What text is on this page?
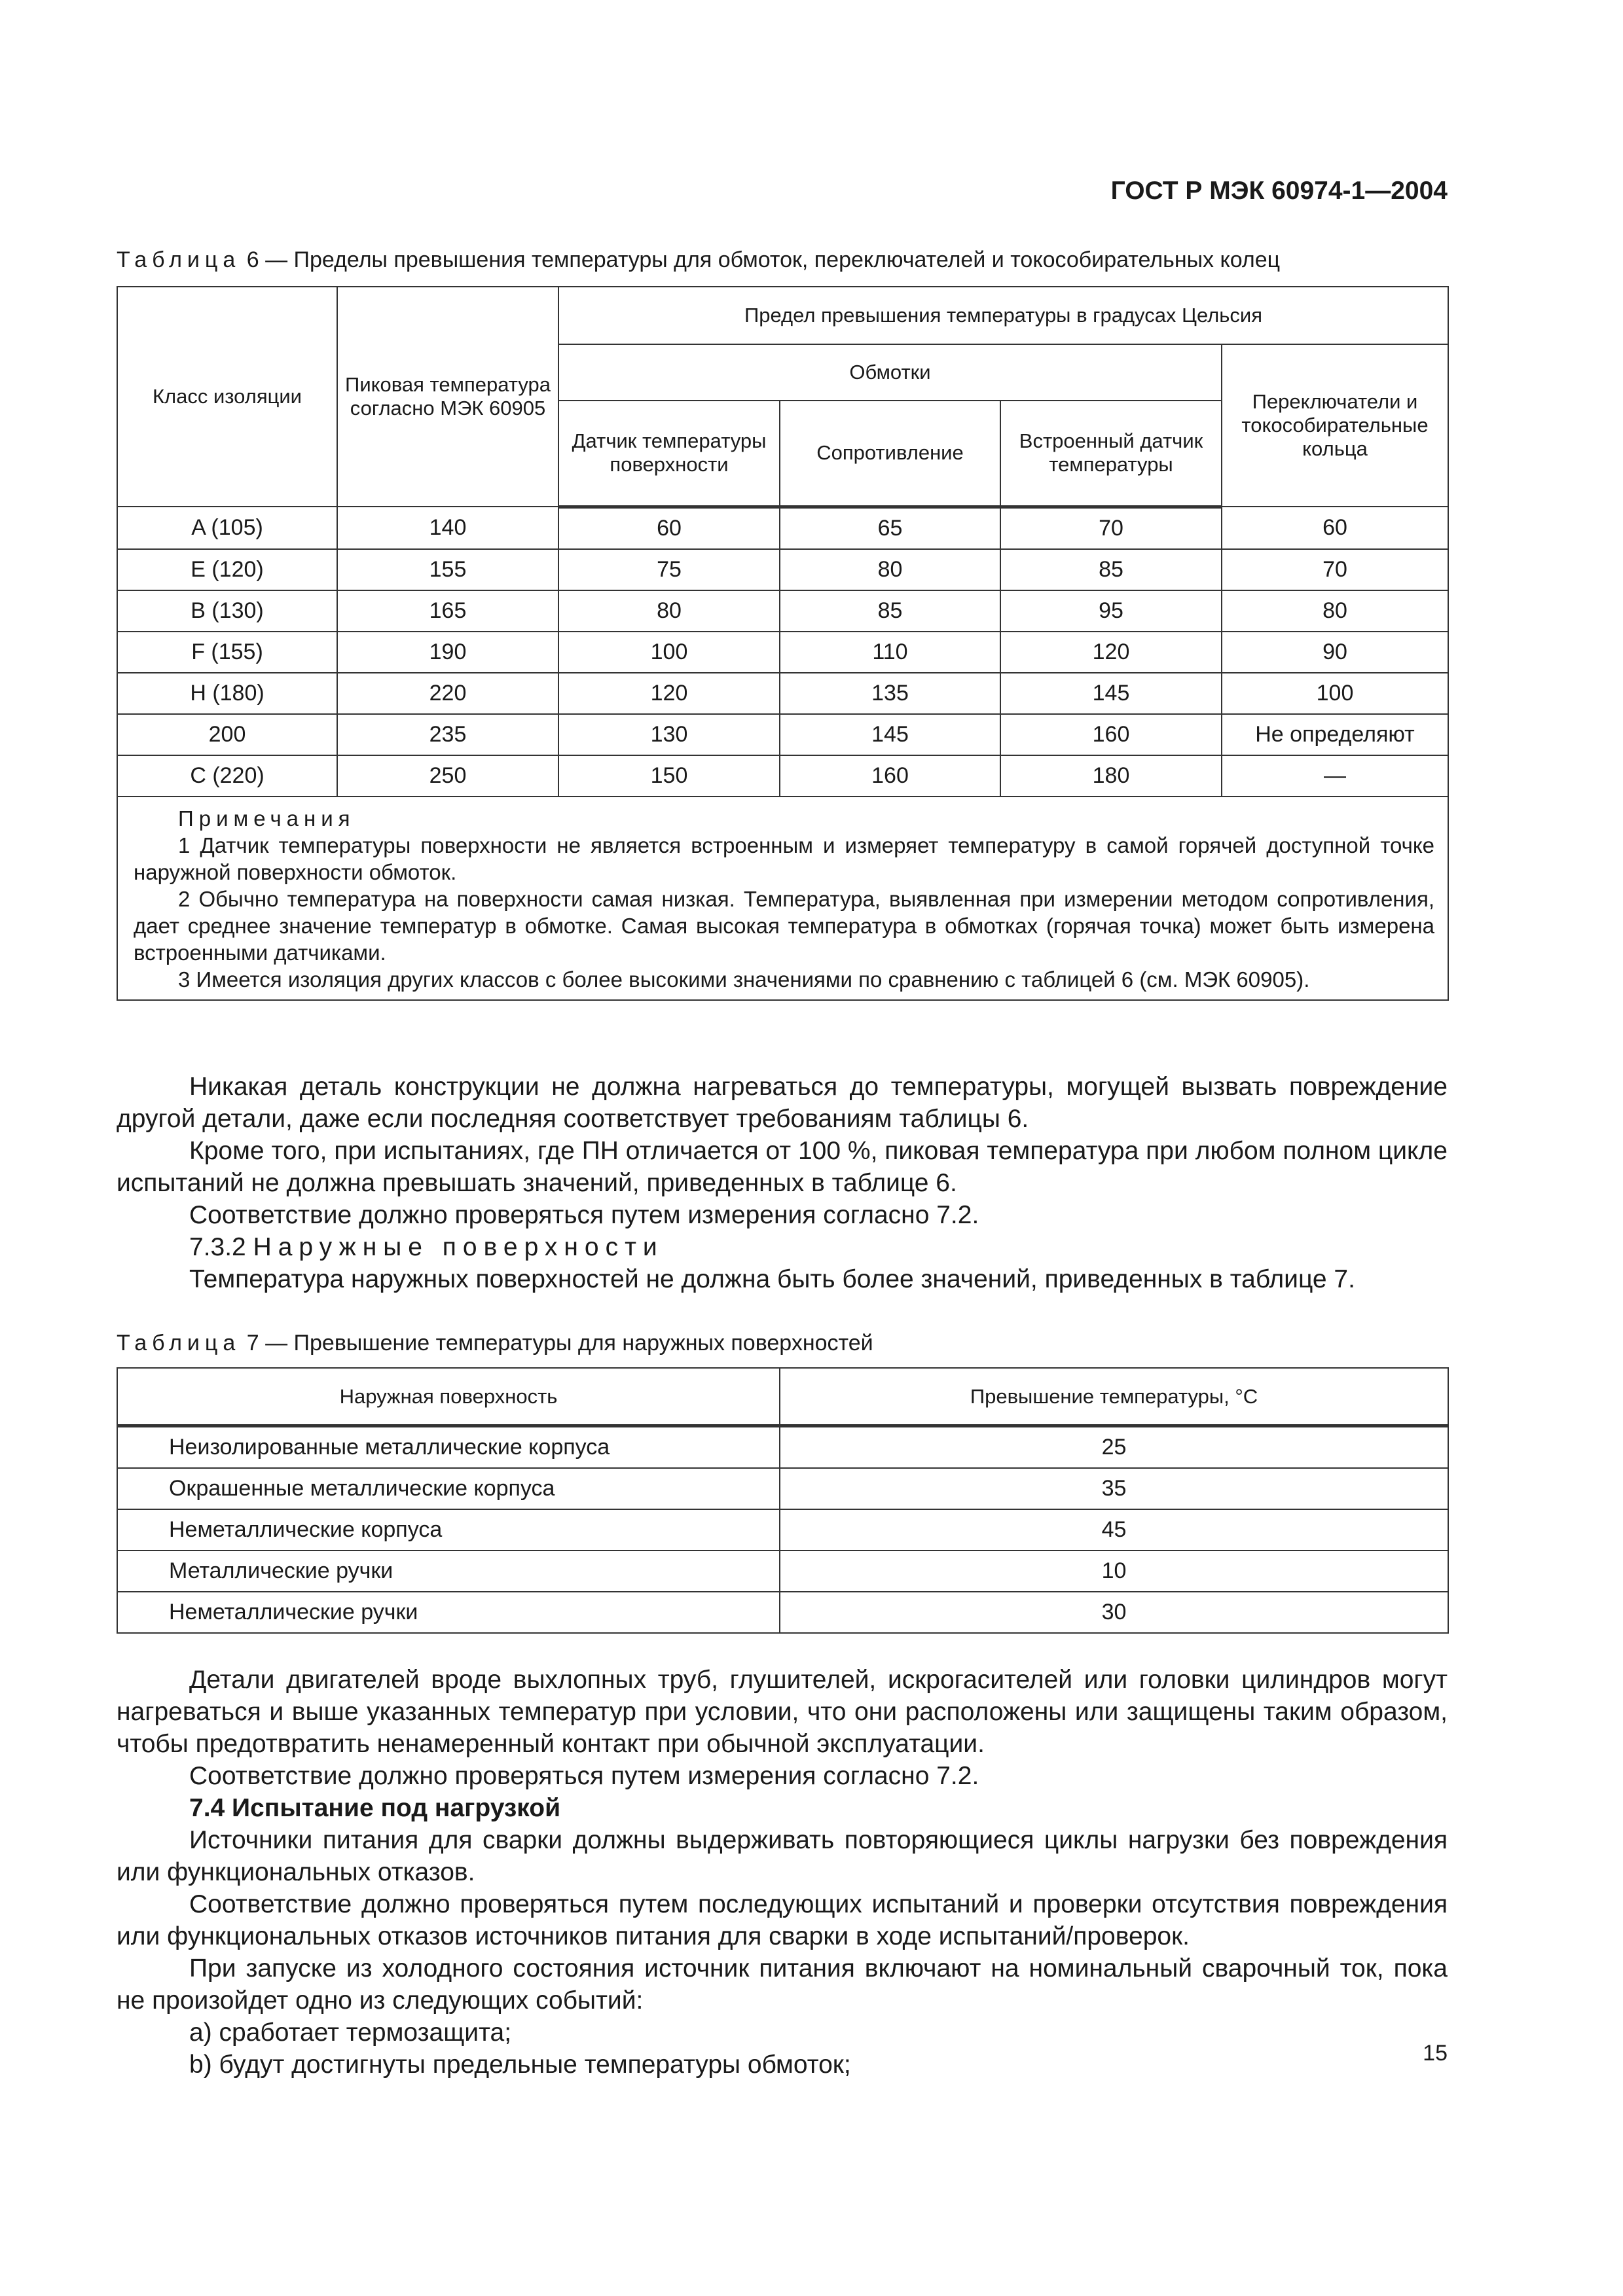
ГОСТ Р МЭК 60974-1—2004
Таблица 6 — Пределы превышения температуры для обмоток, переключателей и токособирательных колец
Класс изоляции	Пиковая температура согласно МЭК 60905	Предел превышения температуры в градусах Цельсия			
		Обмотки			Переключатели и токособирательные кольца
		Датчик температуры поверхности	Сопротивление	Встроенный датчик температуры	
A (105)	140	60	65	70	60
E (120)	155	75	80	85	70
B (130)	165	80	85	95	80
F (155)	190	100	110	120	90
H (180)	220	120	135	145	100
200	235	130	145	160	Не определяют
C (220)	250	150	160	180	—

Примечания

1 Датчик температуры поверхности не является встроенным и измеряет температуру в самой горячей доступной точке наружной поверхности обмоток.

2 Обычно температура на поверхности самая низкая. Температура, выявленная при измерении методом сопротивления, дает среднее значение температур в обмотке. Самая высокая температура в обмотках (горячая точка) может быть измерена встроенными датчиками.

3 Имеется изоляция других классов с более высокими значениями по сравнению с таблицей 6 (см. МЭК 60905).					

Никакая деталь конструкции не должна нагреваться до температуры, могущей вызвать повреждение другой детали, даже если последняя соответствует требованиям таблицы 6.

Кроме того, при испытаниях, где ПН отличается от 100 %, пиковая температура при любом полном цикле испытаний не должна превышать значений, приведенных в таблице 6.

Соответствие должно проверяться путем измерения согласно 7.2.

7.3.2 Наружные поверхности

Температура наружных поверхностей не должна быть более значений, приведенных в таблице 7.

Таблица 7 — Превышение температуры для наружных поверхностей
Наружная поверхность	Превышение температуры, °С
Неизолированные металлические корпуса	25
Окрашенные металлические корпуса	35
Неметаллические корпуса	45
Металлические ручки	10
Неметаллические ручки	30

Детали двигателей вроде выхлопных труб, глушителей, искрогасителей или головки цилиндров могут нагреваться и выше указанных температур при условии, что они расположены или защищены таким образом, чтобы предотвратить ненамеренный контакт при обычной эксплуатации.

Соответствие должно проверяться путем измерения согласно 7.2.

7.4 Испытание под нагрузкой

Источники питания для сварки должны выдерживать повторяющиеся циклы нагрузки без повреждения или функциональных отказов.

Соответствие должно проверяться путем последующих испытаний и проверки отсутствия повреждения или функциональных отказов источников питания для сварки в ходе испытаний/проверок.

При запуске из холодного состояния источник питания включают на номинальный сварочный ток, пока не произойдет одно из следующих событий:

a) сработает термозащита;

b) будут достигнуты предельные температуры обмоток;	15
